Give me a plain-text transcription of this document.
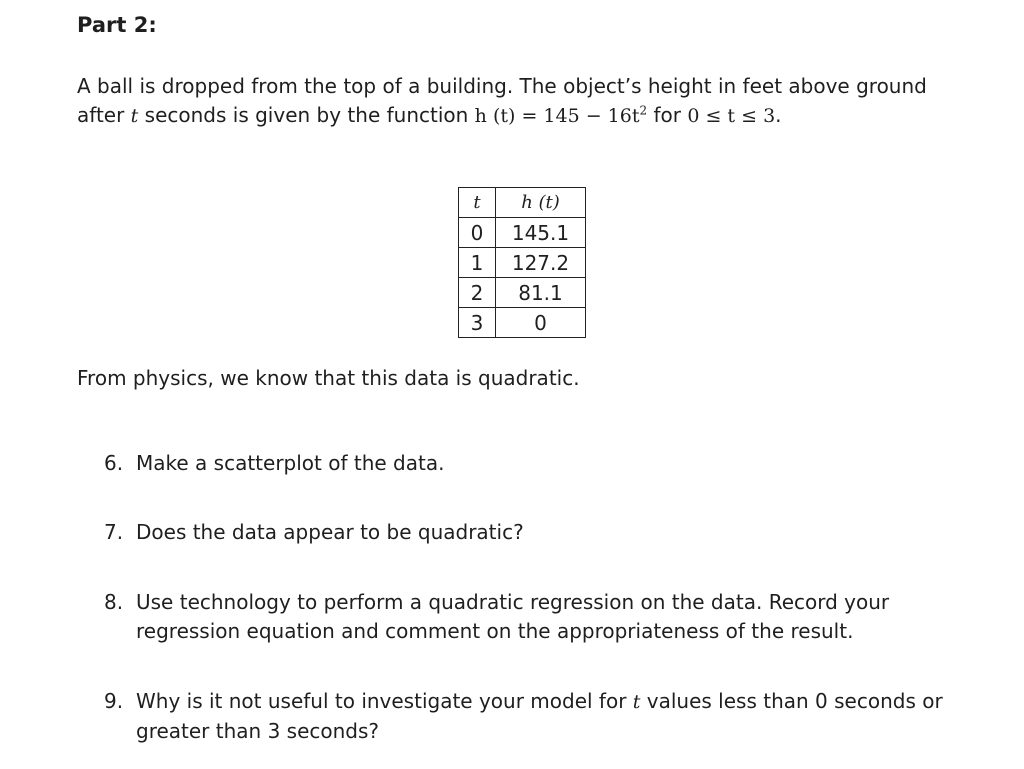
Part 2:
A ball is dropped from the top of a building. The object’s height in feet above ground after t seconds is given by the function h $(t) = 145 - 16t^2$ for 0 ≤ t ≤ 3.
t	h (t)
0	145.1
1	127.2
2	81.1
3	0
From physics, we know that this data is quadratic.
6. Make a scatterplot of the data.
7. Does the data appear to be quadratic?
8. Use technology to perform a quadratic regression on the data. Record your regression equation and comment on the appropriateness of the result.
9. Why is it not useful to investigate your model for t values less than 0 seconds or greater than 3 seconds?
